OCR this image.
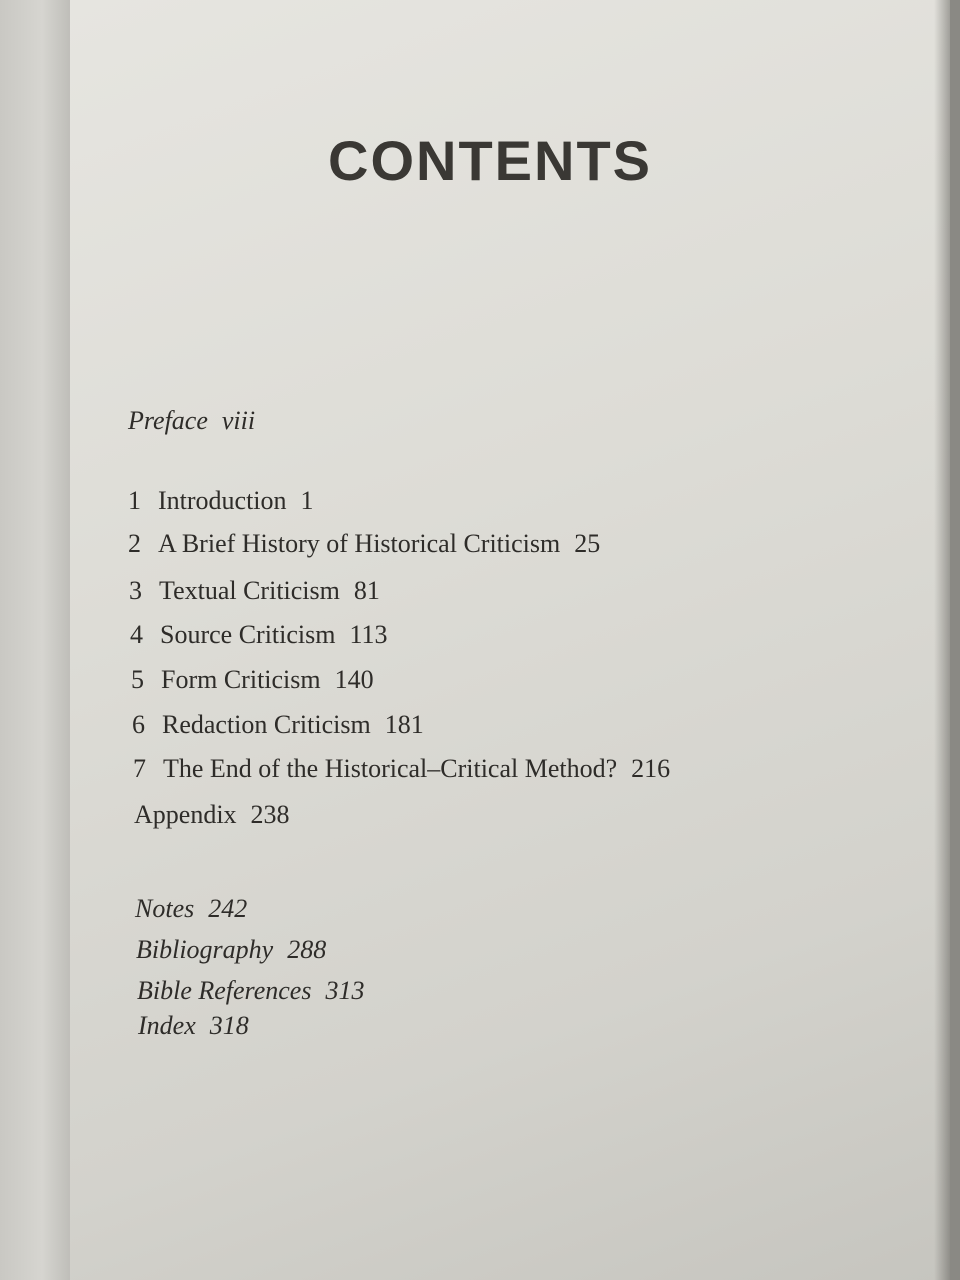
CONTENTS
Preface viii
1 Introduction 1
2 A Brief History of Historical Criticism 25
3 Textual Criticism 81
4 Source Criticism 113
5 Form Criticism 140
6 Redaction Criticism 181
7 The End of the Historical–Critical Method? 216
Appendix 238
Notes 242
Bibliography 288
Bible References 313
Index 318
